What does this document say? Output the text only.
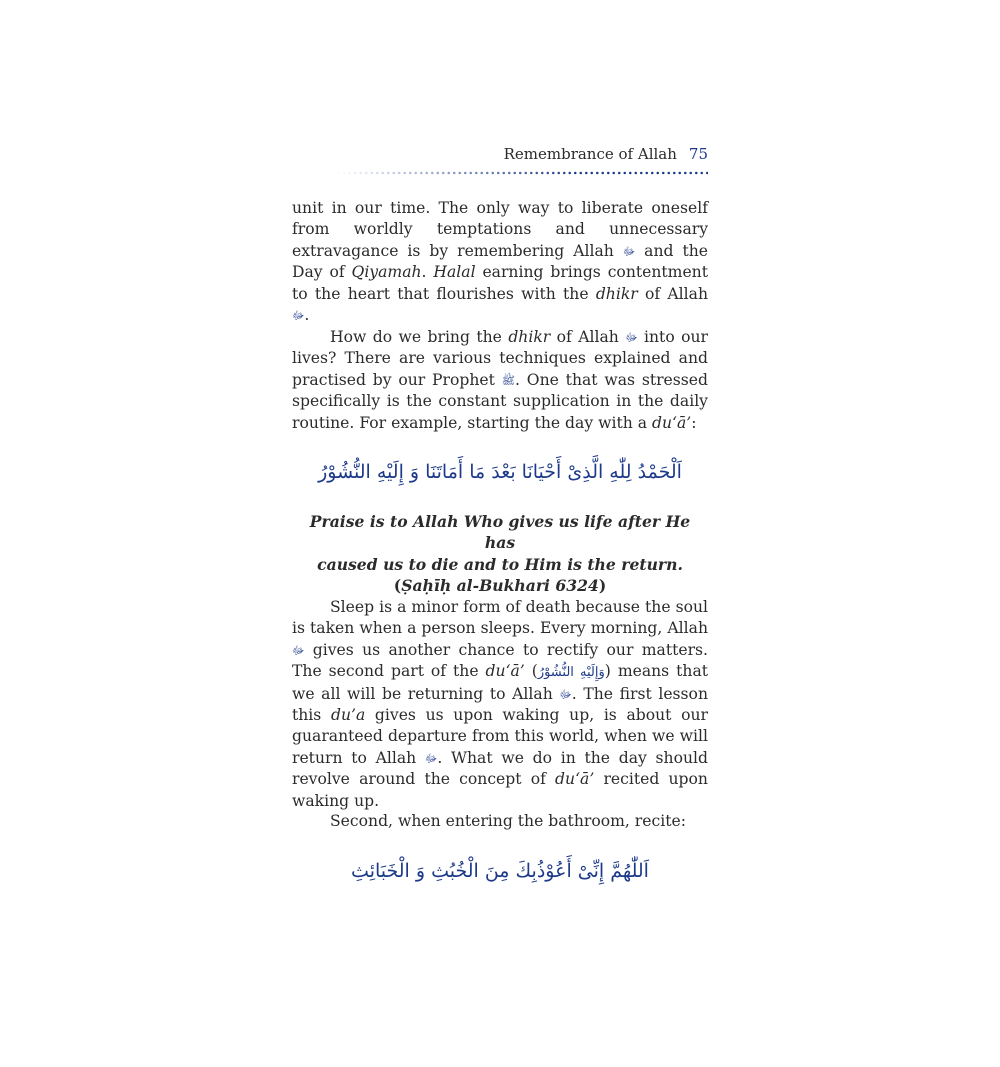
Remembrance of Allah 75

unit in our time. The only way to liberate oneself from worldly temptations and unnecessary extravagance is by remembering Allah ﷻ and the Day of Qiyamah. Halal earning brings contentment to the heart that flourishes with the dhikr of Allah ﷻ.

How do we bring the dhikr of Allah ﷻ into our lives? There are various techniques explained and practised by our Prophet ﷺ. One that was stressed specifically is the constant supplication in the daily routine. For example, starting the day with a du‘ā’:

اَلْحَمْدُ لِلّٰهِ الَّذِىْ أَحْيَانَا بَعْدَ مَا أَمَاتَنَا وَ إِلَيْهِ النُّشُوْرُ
Praise is to Allah Who gives us life after He has
caused us to die and to Him is the return.
(Ṣaḥīḥ al-Bukhari 6324)

Sleep is a minor form of death because the soul is taken when a person sleeps. Every morning, Allah ﷻ gives us another chance to rectify our matters. The second part of the du‘ā’ (وَإِلَيْهِ النُّشُوْرُ) means that we all will be returning to Allah ﷻ. The first lesson this du’a gives us upon waking up, is about our guaranteed departure from this world, when we will return to Allah ﷻ. What we do in the day should revolve around the concept of du‘ā’ recited upon waking up.

Second, when entering the bathroom, recite:

اَللّٰهُمَّ إِنِّىْ أَعُوْذُبِكَ مِنَ الْخُبُثِ وَ الْخَبَائِثِ
